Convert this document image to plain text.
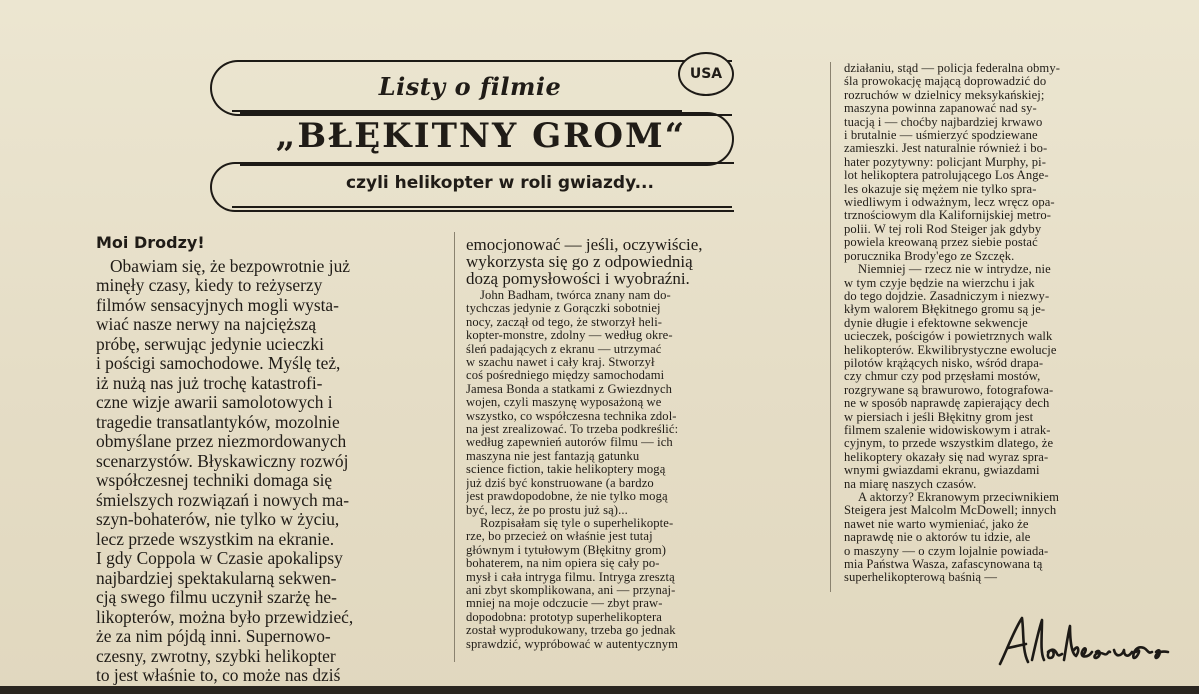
Listy o filmie	USA
„BŁĘKITNY GROM“
czyli helikopter w roli gwiazdy...
Moi Drodzy!
Obawiam się, że bezpowrotnie już
minęły czasy, kiedy to reżyserzy
filmów sensacyjnych mogli wysta-
wiać nasze nerwy na najcięższą
próbę, serwując jedynie ucieczki
i pościgi samochodowe. Myślę też,
iż nużą nas już trochę katastrofi-
czne wizje awarii samolotowych i
tragedie transatlantyków, mozolnie
obmyślane przez niezmordowanych
scenarzystów. Błyskawiczny rozwój
współczesnej techniki domaga się
śmielszych rozwiązań i nowych ma-
szyn-bohaterów, nie tylko w życiu,
lecz przede wszystkim na ekranie.
I gdy Coppola w Czasie apokalipsy
najbardziej spektakularną sekwen-
cją swego filmu uczynił szarżę he-
likopterów, można było przewidzieć,
że za nim pójdą inni. Supernowo-
czesny, zwrotny, szybki helikopter
to jest właśnie to, co może nas dziś
emocjonować — jeśli, oczywiście,
wykorzysta się go z odpowiednią
dozą pomysłowości i wyobraźni.
John Badham, twórca znany nam do-
tychczas jedynie z Gorączki sobotniej
nocy, zaczął od tego, że stworzył heli-
kopter-monstre, zdolny — według okre-
śleń padających z ekranu — utrzymać
w szachu nawet i cały kraj. Stworzył
coś pośredniego między samochodami
Jamesa Bonda a statkami z Gwiezdnych
wojen, czyli maszynę wyposażoną we
wszystko, co współczesna technika zdol-
na jest zrealizować. To trzeba podkreślić:
według zapewnień autorów filmu — ich
maszyna nie jest fantazją gatunku
science fiction, takie helikoptery mogą
już dziś być konstruowane (a bardzo
jest prawdopodobne, że nie tylko mogą
być, lecz, że po prostu już są)...
Rozpisałam się tyle o superhelikopte-
rze, bo przecież on właśnie jest tutaj
głównym i tytułowym (Błękitny grom)
bohaterem, na nim opiera się cały po-
mysł i cała intryga filmu. Intryga zresztą
ani zbyt skomplikowana, ani — przynaj-
mniej na moje odczucie — zbyt praw-
dopodobna: prototyp superhelikoptera
został wyprodukowany, trzeba go jednak
sprawdzić, wypróbować w autentycznym
działaniu, stąd — policja federalna obmy-
śla prowokację mającą doprowadzić do
rozruchów w dzielnicy meksykańskiej;
maszyna powinna zapanować nad sy-
tuacją i — choćby najbardziej krwawo
i brutalnie — uśmierzyć spodziewane
zamieszki. Jest naturalnie również i bo-
hater pozytywny: policjant Murphy, pi-
lot helikoptera patrolującego Los Ange-
les okazuje się mężem nie tylko spra-
wiedliwym i odważnym, lecz wręcz opa-
trznościowym dla Kalifornijskiej metro-
polii. W tej roli Rod Steiger jak gdyby
powiela kreowaną przez siebie postać
porucznika Brody'ego ze Szczęk.
Niemniej — rzecz nie w intrydze, nie
w tym czyje będzie na wierzchu i jak
do tego dojdzie. Zasadniczym i niezwy-
kłym walorem Błękitnego gromu są je-
dynie długie i efektowne sekwencje
ucieczek, pościgów i powietrznych walk
helikopterów. Ekwilibrystyczne ewolucje
pilotów krążących nisko, wśród drapa-
czy chmur czy pod przęsłami mostów,
rozgrywane są brawurowo, fotografowa-
ne w sposób naprawdę zapierający dech
w piersiach i jeśli Błękitny grom jest
filmem szalenie widowiskowym i atrak-
cyjnym, to przede wszystkim dlatego, że
helikoptery okazały się nad wyraz spra-
wnymi gwiazdami ekranu, gwiazdami
na miarę naszych czasów.
A aktorzy? Ekranowym przeciwnikiem
Steigera jest Malcolm McDowell; innych
nawet nie warto wymieniać, jako że
naprawdę nie o aktorów tu idzie, ale
o maszyny — o czym lojalnie powiada-
mia Państwa Wasza, zafascynowana tą
superhelikopterową baśnią —
